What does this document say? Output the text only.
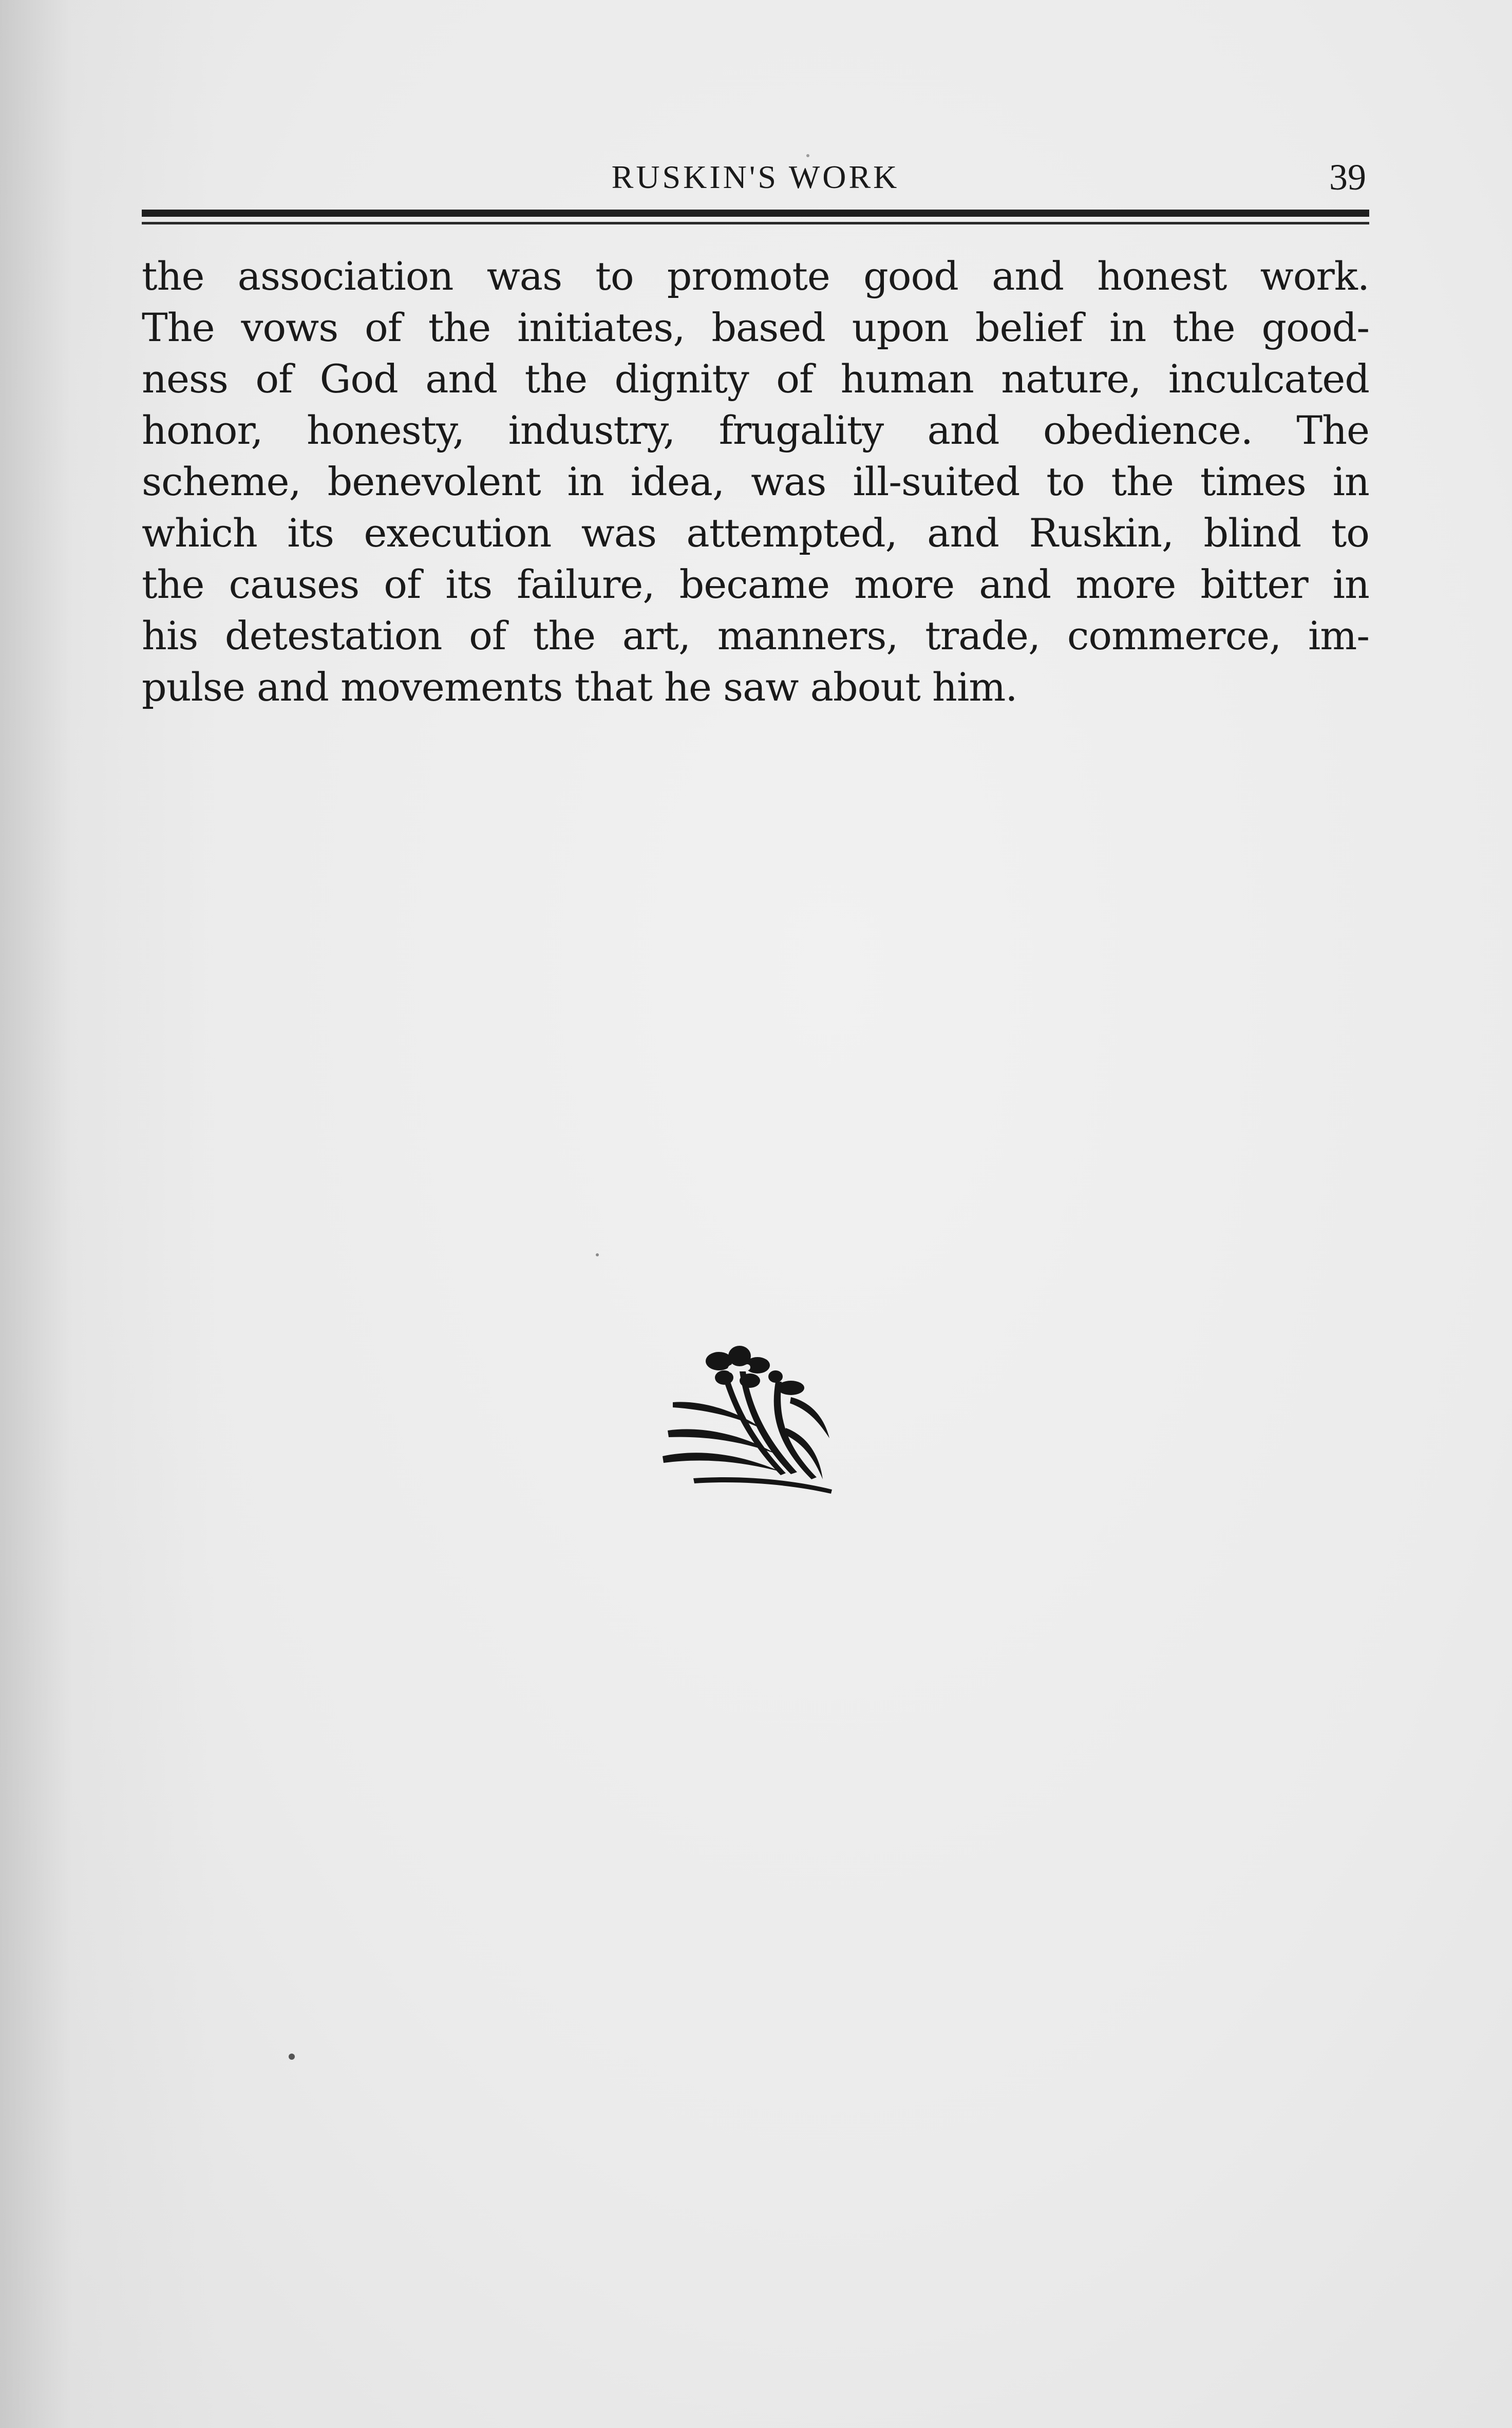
RUSKIN'S WORK	39
the association was to promote good and honest work.
The vows of the initiates, based upon belief in the good-
ness of God and the dignity of human nature, inculcated
honor, honesty, industry, frugality and obedience. The
scheme, benevolent in idea, was ill-suited to the times in
which its execution was attempted, and Ruskin, blind to
the causes of its failure, became more and more bitter in
his detestation of the art, manners, trade, commerce, im-
pulse and movements that he saw about him.
